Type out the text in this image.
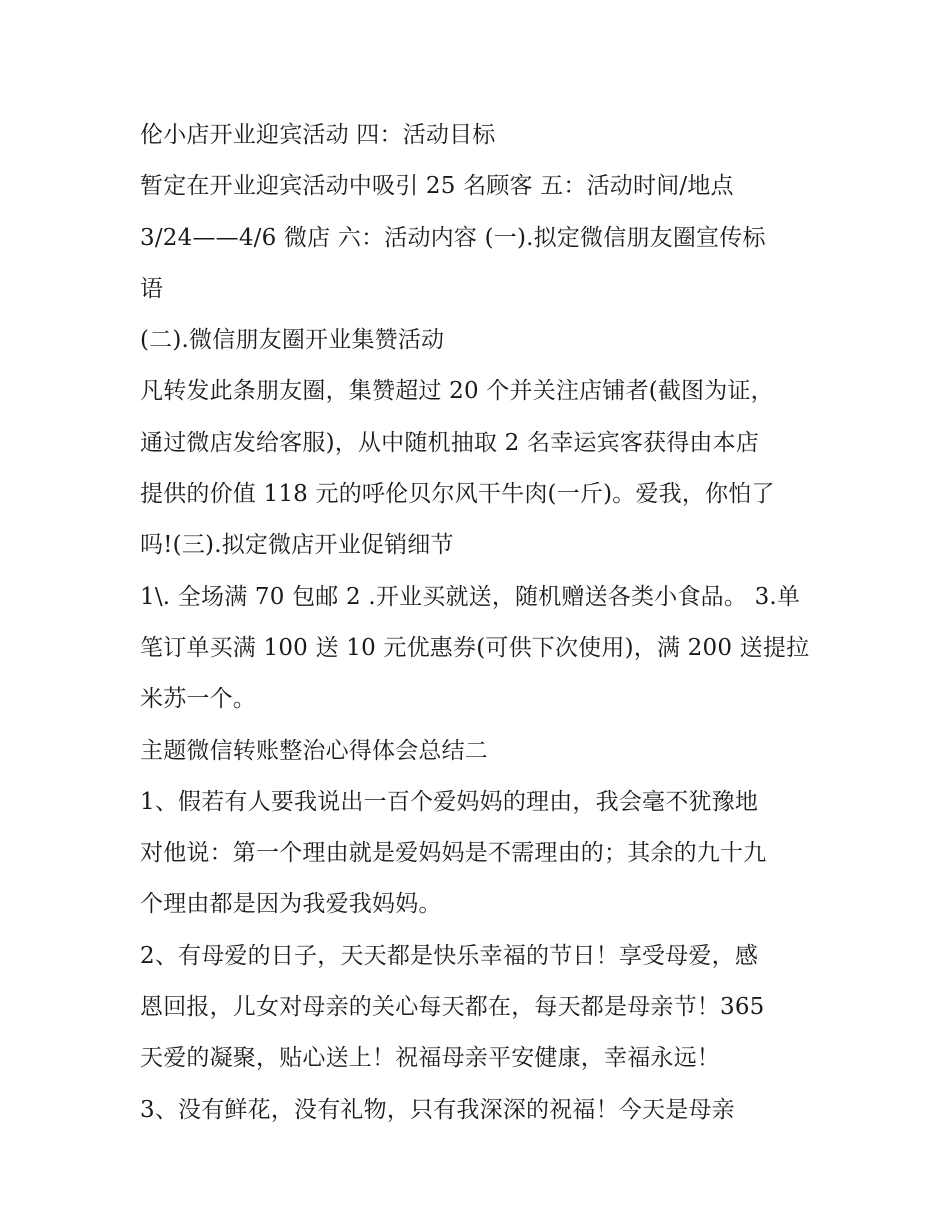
伦小店开业迎宾活动 四：活动目标
暂定在开业迎宾活动中吸引 25 名顾客 五：活动时间/地点
3/24——4/6 微店 六：活动内容 (一).拟定微信朋友圈宣传标
语
(二).微信朋友圈开业集赞活动
凡转发此条朋友圈，集赞超过 20 个并关注店铺者(截图为证，
通过微店发给客服)，从中随机抽取 2 名幸运宾客获得由本店
提供的价值 118 元的呼伦贝尔风干牛肉(一斤)。爱我，你怕了
吗!(三).拟定微店开业促销细节
1\. 全场满 70 包邮 2 .开业买就送，随机赠送各类小食品。 3.单
笔订单买满 100 送 10 元优惠券(可供下次使用)，满 200 送提拉
米苏一个。
主题微信转账整治心得体会总结二
1、假若有人要我说出一百个爱妈妈的理由，我会毫不犹豫地
对他说：第一个理由就是爱妈妈是不需理由的；其余的九十九
个理由都是因为我爱我妈妈。
2、有母爱的日子，天天都是快乐幸福的节日！享受母爱，感
恩回报，儿女对母亲的关心每天都在，每天都是母亲节！365
天爱的凝聚，贴心送上！祝福母亲平安健康，幸福永远！
3、没有鲜花，没有礼物，只有我深深的祝福！今天是母亲
